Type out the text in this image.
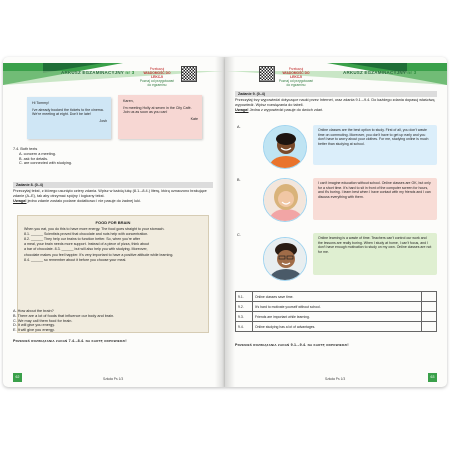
ARKUSZ EGZAMINACYJNY nr 3
Przekazuj
WIADOMOŚĆ DO LEKCJI
Poznaj od przygotowań
do egzaminu
Hi Tommy!
I've already booked the tickets to the cinema. We're meeting at eight. Don't be late!
Josh
Karen,
I'm meeting Holly at seven in the City Café. Join us as soon as you can!
Kate

7.4. Both texts

A. concern a meeting.

B. ask for details.

C. are connected with studying.

Zadanie 8. (0–4)

Przeczytaj tekst, z którego usunięto cztery zdania. Wpisz w każdą lukę (8.1.–8.4.) literę, którą oznaczono brakujące zdanie (A–E), tak aby otrzymać spójny i logiczny tekst.

Uwaga! jedno zdanie zostało podane dodatkowo i nie pasuje do żadnej luki.

FOOD FOR BRAIN

When you eat, you do this to have more energy. The food goes straight to your stomach.

8.1. ______ Scientists proved that chocolate and nuts help with concentration.

8.2. ______ They help our brains to function better. So, when you're after

a meal, your brain needs more support. Instead of a piece of pizza, think about

a bar of chocolate. 8.3. ______ but will also help you with studying. Moreover,

chocolate makes you feel happier. It's very important to have a positive attitude while learning.

8.4. ______ so remember about it before you choose your meal.

A. How about the brain?

B. There are a lot of foods that influence our body and brain.

C. We may call them food for brain.

D. It will give you energy.

E. It will give you energy.

Przenieś rozwiązania zadań 7.4.–8.4. na kartę odpowiedzi!
Szkoła Ps 1/3
62
Przekazuj
WIADOMOŚĆ DO LEKCJI
Poznaj od przygotowań
do egzaminu
ARKUSZ EGZAMINACYJNY nr 3
Zadanie 9. (0–4)

Przeczytaj trzy wypowiedzi dotyczące nauki przez Internet, oraz zdania 9.1.–9.4. Do każdego zdania dopasuj właściwą wypowiedź. Wpisz rozwiązania do tabeli.

Uwaga! Jedna z wypowiedzi pasuje do dwóch zdań.

A.
Online classes are the best option to study. First of all, you don't waste time on commuting. Moreover, you don't have to get up early and you don't have to worry about your clothes. For me, studying online is much better than studying at school.
B.
I can't imagine education without school. Online classes are OK, but only for a short time. It's hard to sit in front of the computer screen for hours, and it's boring. I learn best when I have contact with my friends and I can discuss everything with them.
C.
Online learning is a waste of time. Teachers can't control our work and the lessons are really boring. When I study at home, I can't focus, and I don't have enough motivation to study on my own. Online classes are not for me.
9.1.	Online classes save time.	
9.2.	It's hard to motivate yourself without school.	
9.3.	Friends are important while learning.	
9.4.	Online studying has a lot of advantages.	
Przenieś rozwiązania zadań 9.1.–9.4. na kartę odpowiedzi!
Szkoła Ps 1/3	63
